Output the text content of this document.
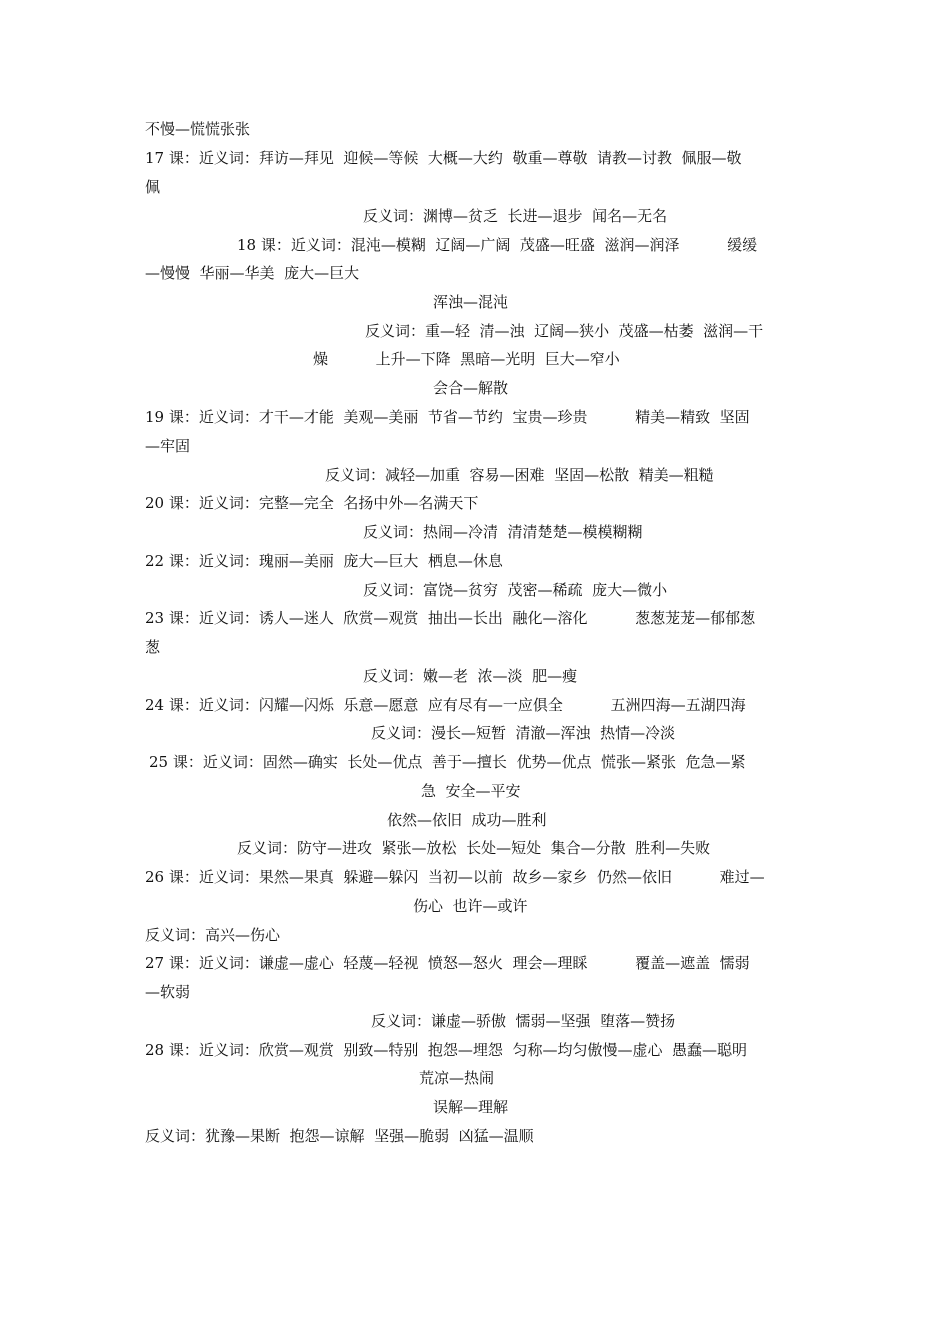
不慢—慌慌张张
17 课：近义词：拜访—拜见  迎候—等候  大概—大约  敬重—尊敬  请教—讨教  佩服—敬
佩
反义词：渊博—贫乏  长进—退步  闻名—无名
18 课：近义词：混沌—模糊  辽阔—广阔  茂盛—旺盛  滋润—润泽          缓缓
—慢慢  华丽—华美  庞大—巨大
浑浊—混沌
反义词：重—轻  清—浊  辽阔—狭小  茂盛—枯萎  滋润—干
燥          上升—下降  黑暗—光明  巨大—窄小
会合—解散
19 课：近义词：才干—才能  美观—美丽  节省—节约  宝贵—珍贵          精美—精致  坚固
—牢固
反义词：减轻—加重  容易—困难  坚固—松散  精美—粗糙
20 课：近义词：完整—完全  名扬中外—名满天下
反义词：热闹—冷清  清清楚楚—模模糊糊
22 课：近义词：瑰丽—美丽  庞大—巨大  栖息—休息
反义词：富饶—贫穷  茂密—稀疏  庞大—微小
23 课：近义词：诱人—迷人  欣赏—观赏  抽出—长出  融化—溶化          葱葱茏茏—郁郁葱
葱
反义词：嫩—老  浓—淡  肥—瘦
24 课：近义词：闪耀—闪烁  乐意—愿意  应有尽有—一应俱全          五洲四海—五湖四海
反义词：漫长—短暂  清澈—浑浊  热情—冷淡
25 课：近义词：固然—确实  长处—优点  善于—擅长  优势—优点  慌张—紧张  危急—紧
急  安全—平安
依然—依旧  成功—胜利
反义词：防守—进攻  紧张—放松  长处—短处  集合—分散  胜利—失败
26 课：近义词：果然—果真  躲避—躲闪  当初—以前  故乡—家乡  仍然—依旧          难过—
伤心  也许—或许
反义词：高兴—伤心
27 课：近义词：谦虚—虚心  轻蔑—轻视  愤怒—怒火  理会—理睬          覆盖—遮盖  懦弱
—软弱
反义词：谦虚—骄傲  懦弱—坚强  堕落—赞扬
28 课：近义词：欣赏—观赏  别致—特别  抱怨—埋怨  匀称—均匀傲慢—虚心  愚蠢—聪明
荒凉—热闹
误解—理解
反义词：犹豫—果断  抱怨—谅解  坚强—脆弱  凶猛—温顺
